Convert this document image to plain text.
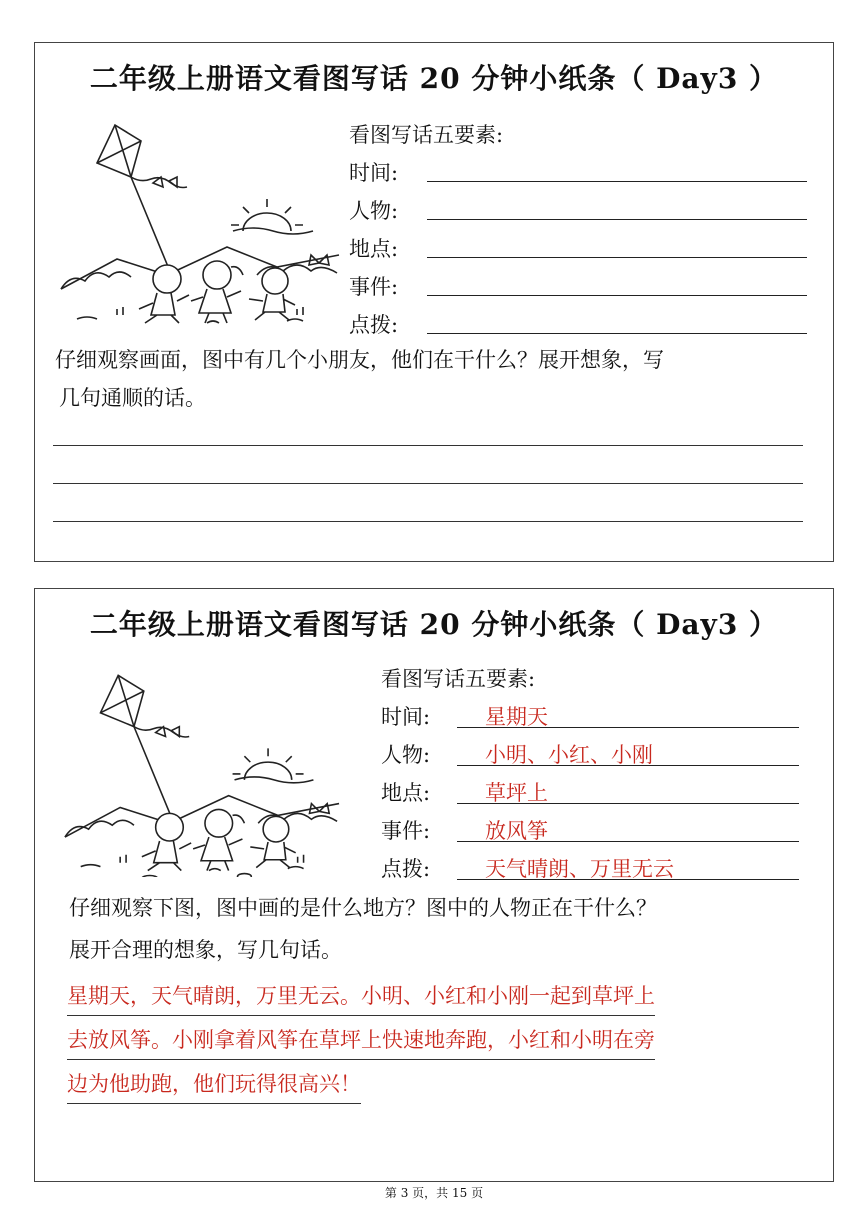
二年级上册语文看图写话 20 分钟小纸条（ Day3 ）
看图写话五要素:
时间:
人物:
地点:
事件:
点拨:
仔细观察画面，图中有几个小朋友，他们在干什么？展开想象，写
几句通顺的话。
二年级上册语文看图写话 20 分钟小纸条（ Day3 ）
看图写话五要素:
时间:	星期天
人物:	小明、小红、小刚
地点:	草坪上
事件:	放风筝
点拨:	天气晴朗、万里无云
仔细观察下图，图中画的是什么地方？图中的人物正在干什么？
展开合理的想象，写几句话。
星期天，天气晴朗，万里无云。小明、小红和小刚一起到草坪上
去放风筝。小刚拿着风筝在草坪上快速地奔跑，小红和小明在旁
边为他助跑，他们玩得很高兴！
第 3 页，共 15 页
